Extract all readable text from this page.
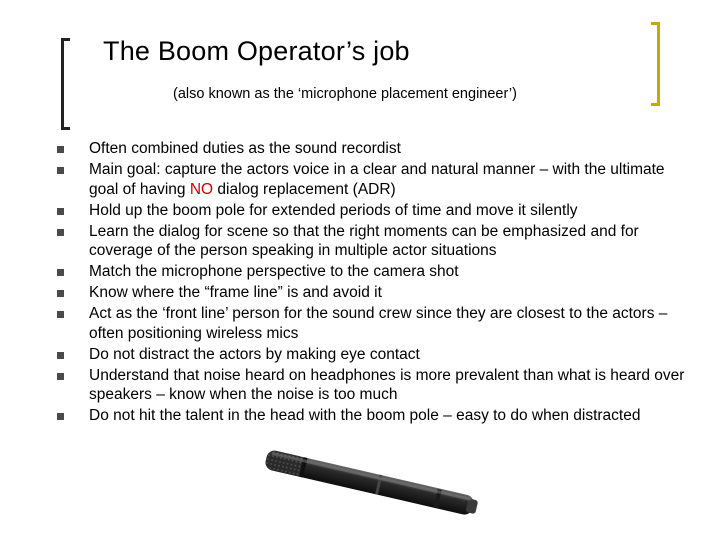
The Boom Operator’s job
(also known as the ‘microphone placement engineer’)
Often combined duties as the sound recordist
Main goal: capture the actors voice in a clear and natural manner – with the ultimate goal of having NO dialog replacement (ADR)
Hold up the boom pole for extended periods of time and move it silently
Learn the dialog for scene so that the right moments can be emphasized and for coverage of the person speaking in multiple actor situations
Match the microphone perspective to the camera shot
Know where the “frame line” is and avoid it
Act as the ‘front line’ person for the sound crew since they are closest to the actors – often positioning wireless mics
Do not distract the actors by making eye contact
Understand that noise heard on headphones is more prevalent than what is heard over speakers – know when the noise is too much
Do not hit the talent in the head with the boom pole – easy to do when distracted
